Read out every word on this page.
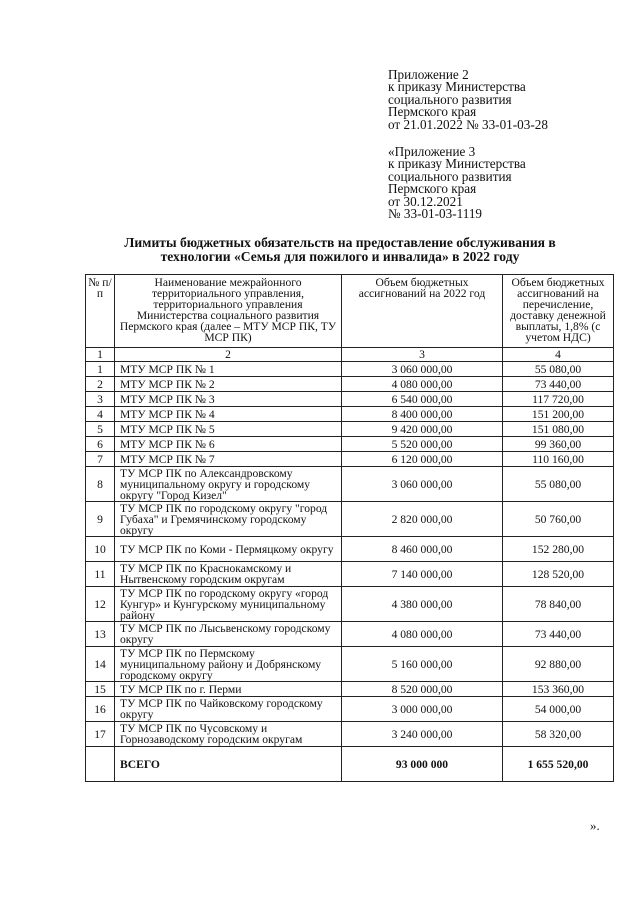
Приложение 2
к приказу Министерства
социального развития
Пермского края
от 21.01.2022 № 33-01-03-28
«Приложение 3
к приказу Министерства
социального развития
Пермского края
от 30.12.2021
№ 33-01-03-1119
Лимиты бюджетных обязательств на предоставление обслуживания в
технологии «Семья для пожилого и инвалида» в 2022 году
№ п/п	Наименование межрайонного территориального управления, территориального управления Министерства социального развития Пермского края (далее – МТУ МСР ПК, ТУ МСР ПК)	Объем бюджетных ассигнований на 2022 год	Объем бюджетных ассигнований на перечисление, доставку денежной выплаты, 1,8% (с учетом НДС)
1	2	3	4
1	МТУ МСР ПК № 1	3 060 000,00	55 080,00
2	МТУ МСР ПК № 2	4 080 000,00	73 440,00
3	МТУ МСР ПК № 3	6 540 000,00	117 720,00
4	МТУ МСР ПК № 4	8 400 000,00	151 200,00
5	МТУ МСР ПК № 5	9 420 000,00	151 080,00
6	МТУ МСР ПК № 6	5 520 000,00	99 360,00
7	МТУ МСР ПК № 7	6 120 000,00	110 160,00
8	ТУ МСР ПК по Александровскому муниципальному округу и городскому округу "Город Кизел"	3 060 000,00	55 080,00
9	ТУ МСР ПК по городскому округу "город Губаха" и Гремячинскому городскому округу	2 820 000,00	50 760,00
10	ТУ МСР ПК по Коми - Пермяцкому округу	8 460 000,00	152 280,00
11	ТУ МСР ПК по Краснокамскому и Нытвенскому городским округам	7 140 000,00	128 520,00
12	ТУ МСР ПК по городскому округу «город Кунгур» и Кунгурскому муниципальному району	4 380 000,00	78 840,00
13	ТУ МСР ПК по Лысьвенскому городскому округу	4 080 000,00	73 440,00
14	ТУ МСР ПК по Пермскому муниципальному району и Добрянскому городскому округу	5 160 000,00	92 880,00
15	ТУ МСР ПК по г. Перми	8 520 000,00	153 360,00
16	ТУ МСР ПК по Чайковскому городскому округу	3 000 000,00	54 000,00
17	ТУ МСР ПК по Чусовскому и Горнозаводскому городским округам	3 240 000,00	58 320,00
	ВСЕГО	93 000 000	1 655 520,00
».
